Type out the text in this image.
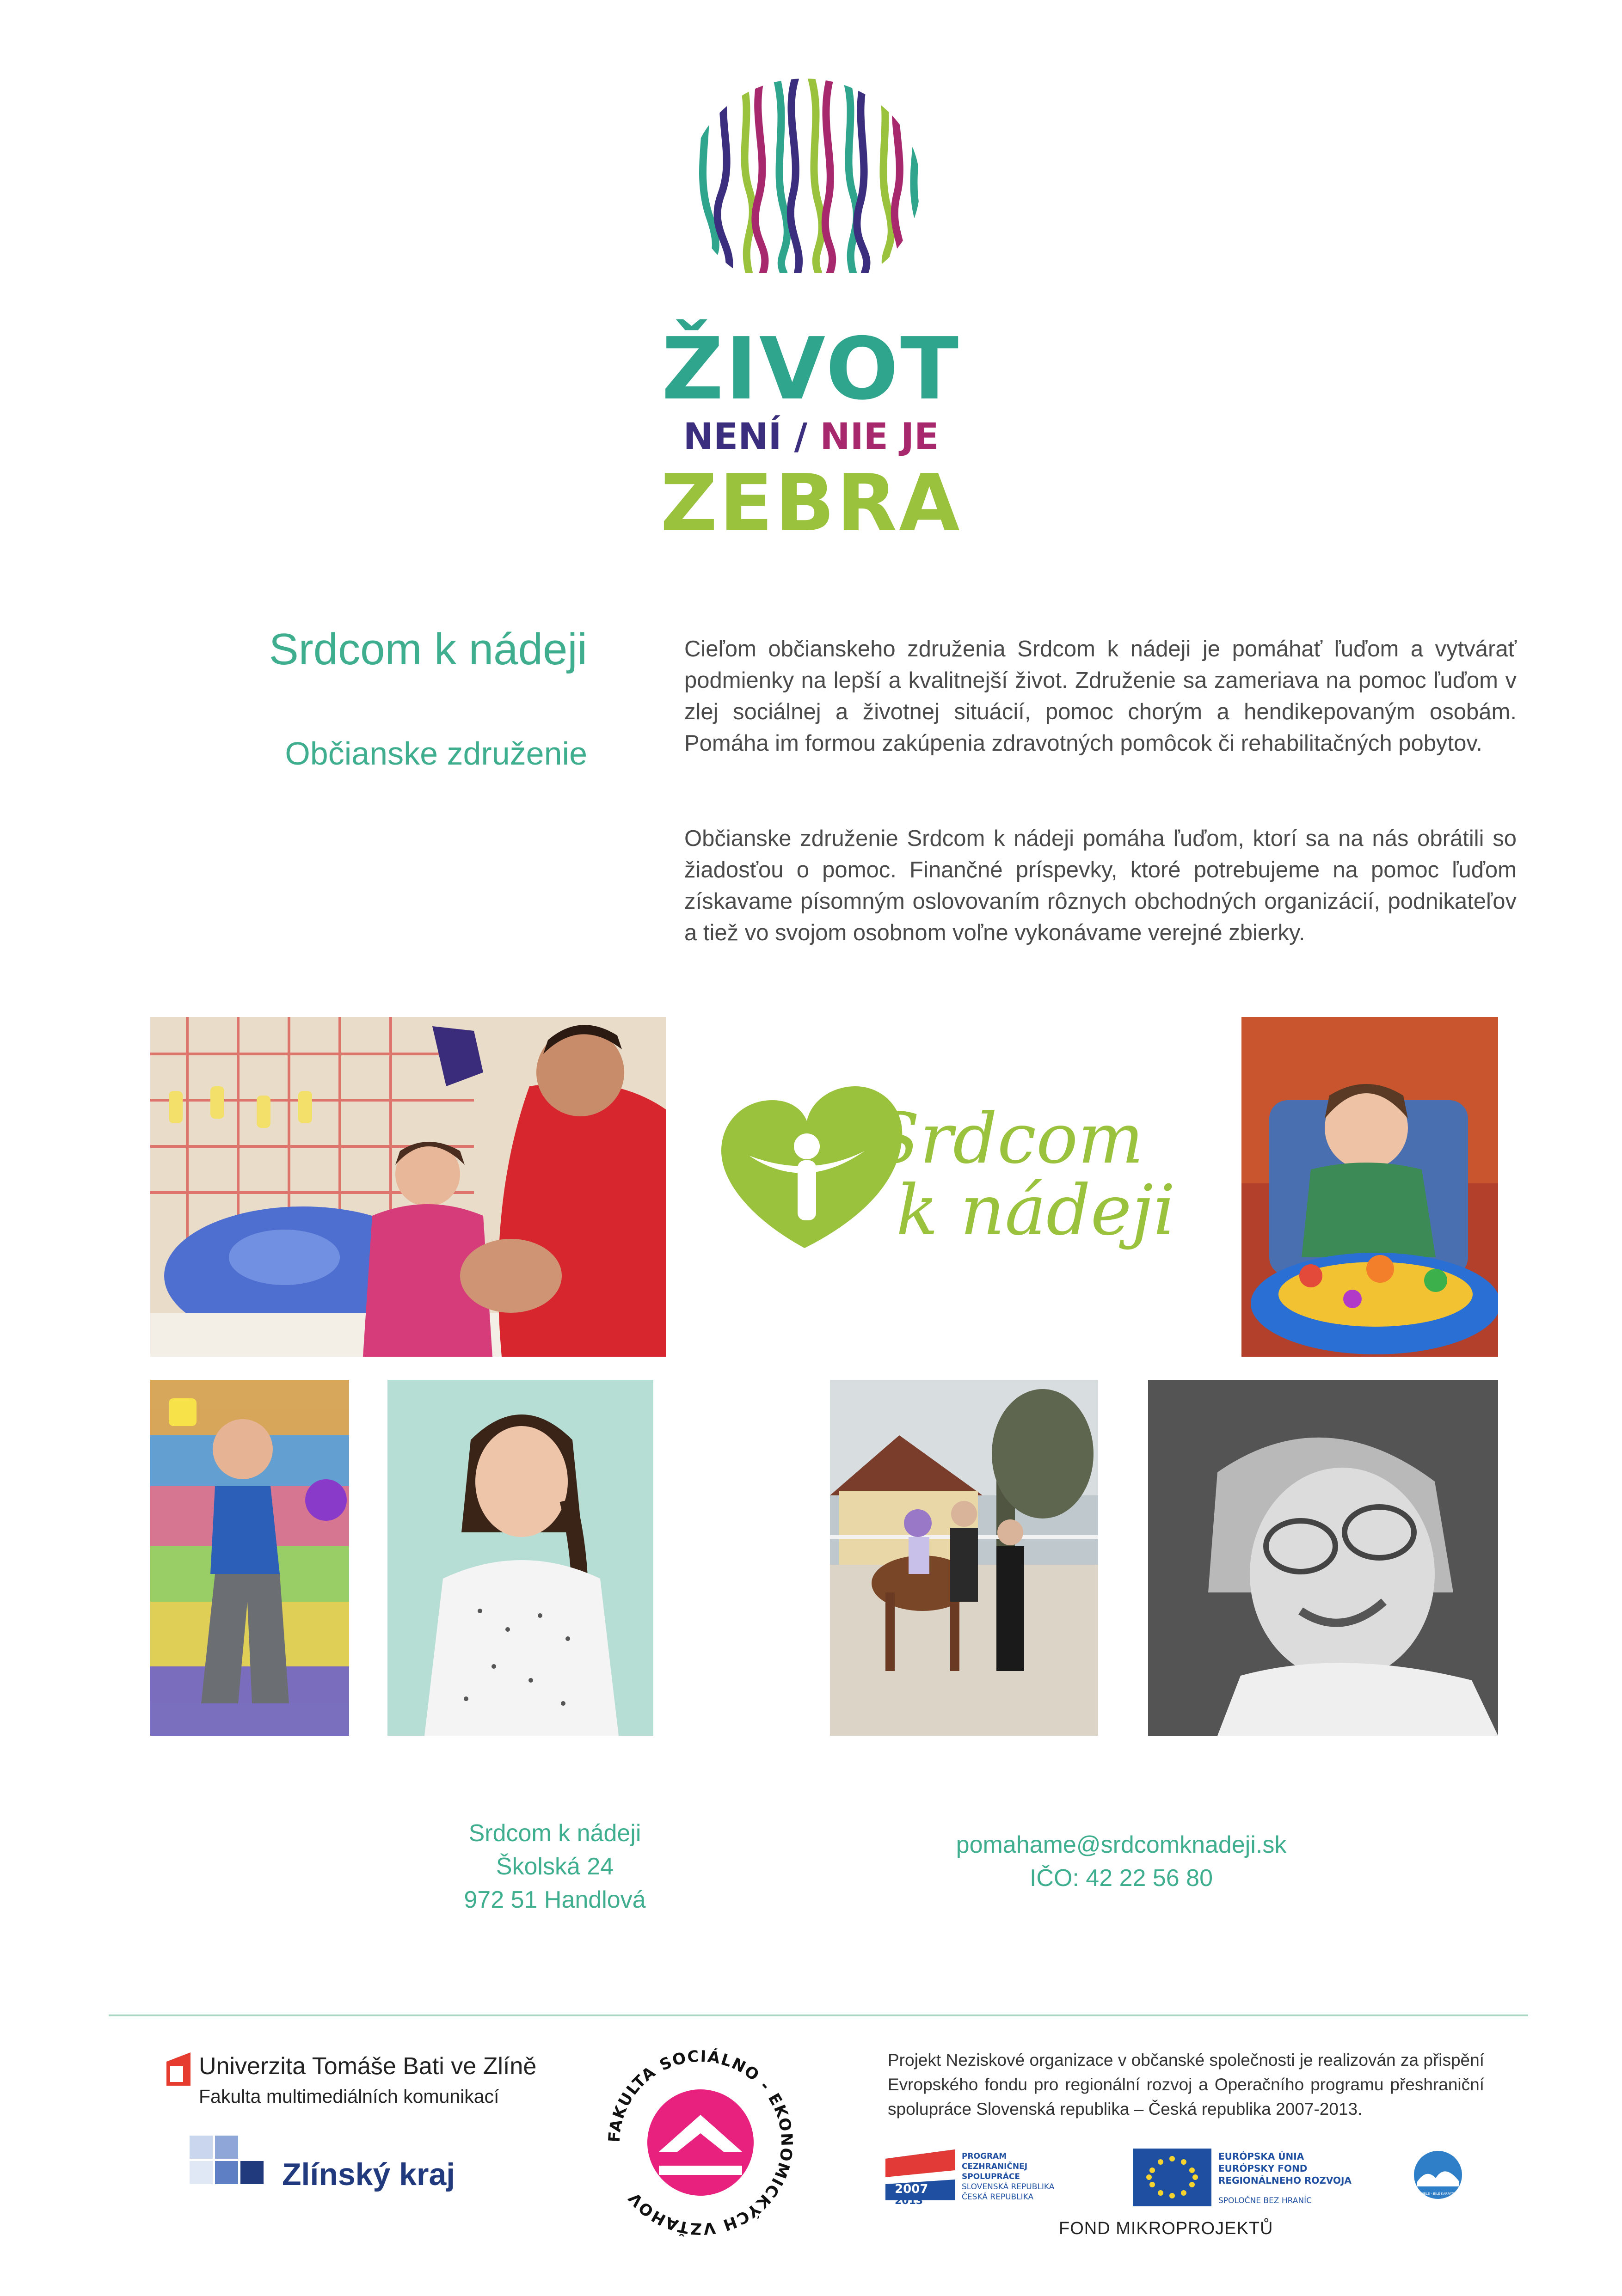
ŽIVOT
NENÍ / NIE JE
ZEBRA
Srdcom k nádeji
Občianske združenie
Cieľom občianskeho združenia Srdcom k nádeji je pomáhať ľuďom a vytvárať podmienky na lepší a kvalitnejší život. Združenie sa zameriava na pomoc ľuďom v zlej sociálnej a životnej situácií, pomoc chorým a hendikepovaným osobám. Pomáha im formou zakúpenia zdravotných pomôcok či rehabilitačných pobytov.
Občianske združenie Srdcom k nádeji pomáha ľuďom, ktorí sa na nás obrátili so žiadosťou o pomoc. Finančné príspevky, ktoré potrebujeme na pomoc ľuďom získavame písomným oslovovaním rôznych obchodných organizácií, podnikateľov a tiež vo svojom osobnom voľne vykonávame verejné zbierky.
Srdcom
k nádeji
Srdcom k nádeji
Školská 24
972 51 Handlová
pomahame@srdcomknadeji.sk
IČO: 42 22 56 80
Univerzita Tomáše Bati ve Zlíně
Fakulta multimediálních komunikací
Zlínský kraj
FAKULTA SOCIÁLNO - EKONOMICKÝCH VZŤAHOV
Projekt Neziskové organizace v občanské společnosti je realizován za přispění Evropského fondu pro regionální rozvoj a Operačního programu přeshraniční spolupráce Slovenská republika – Česká republika 2007-2013.
2007
2013
PROGRAM
CEZHRANIČNEJ
SPOLUPRÁCE
SLOVENSKÁ REPUBLIKA
ČESKÁ REPUBLIKA
EURÓPSKA ÚNIA
EURÓPSKY FOND
REGIONÁLNEHO ROZVOJA
SPOLOČNE BEZ HRANÍC
BIELE - BÍLÉ KARPATY
FOND MIKROPROJEKTŮ
